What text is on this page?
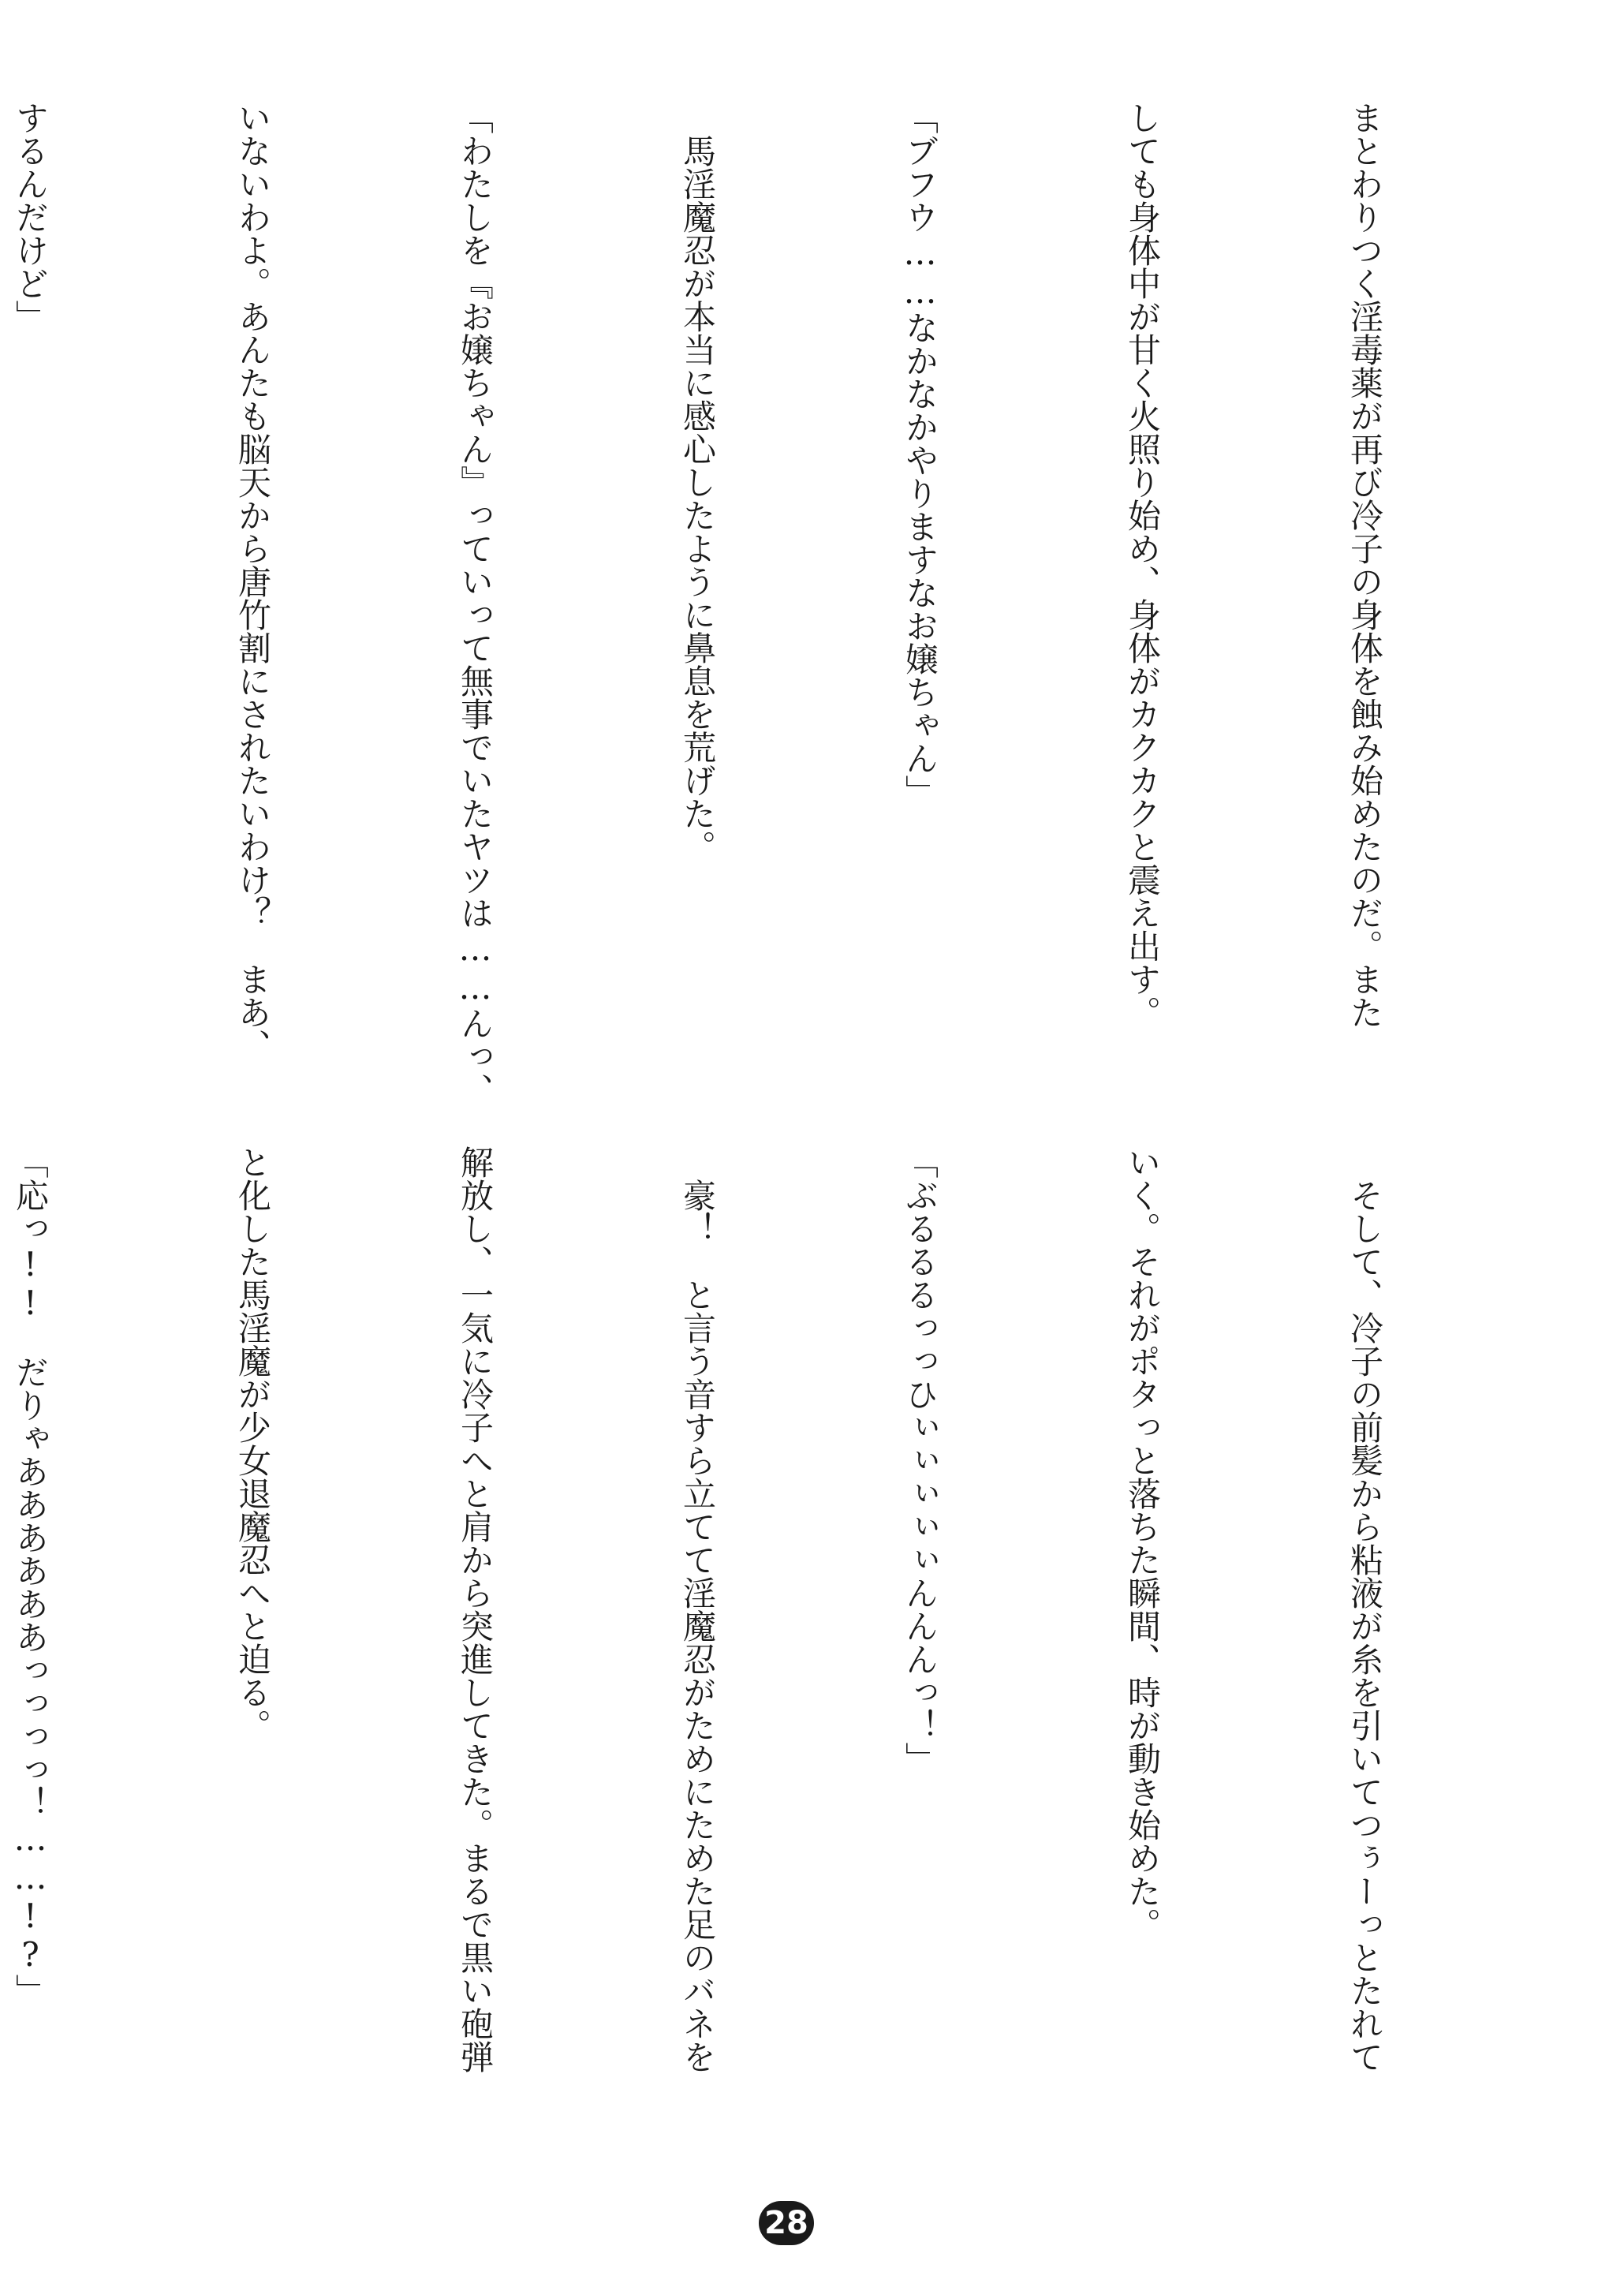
まとわりつく淫毒薬が再び冷子の身体を蝕み始めたのだ。また

しても身体中が甘く火照り始め、身体がカクカクと震え出す。

「ブフウ……なかなかやりますなお嬢ちゃん」

　馬淫魔忍が本当に感心したように鼻息を荒げた。

「わたしを『お嬢ちゃん』っていって無事でいたヤツは……んっ、

いないわよ。あんたも脳天から唐竹割にされたいわけ？　まあ、

するんだけど」

　そして、冷子の前髪から粘液が糸を引いてつぅーっとたれて

いく。それがポタっと落ちた瞬間、時が動き始めた。

「ぶるるるっっひぃぃぃぃぃんんんっ！」

　豪！　と言う音すら立てて淫魔忍がためにためた足のバネを

解放し、一気に冷子へと肩から突進してきた。まるで黒い砲弾

と化した馬淫魔が少女退魔忍へと迫る。

「応っ!!　だりゃああああああっっっっ！……!?」

28
